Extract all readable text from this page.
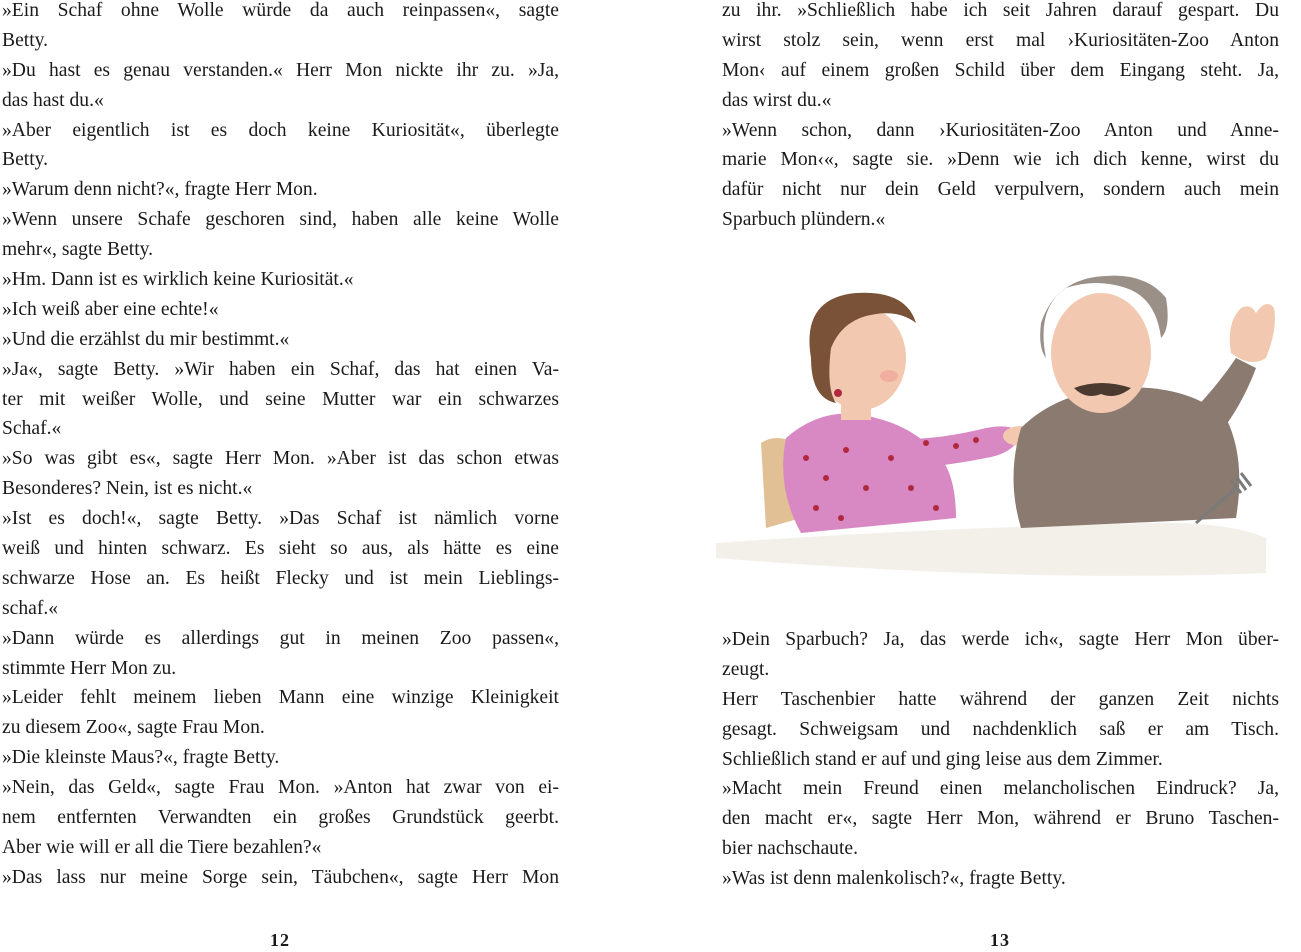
»Ein Schaf ohne Wolle würde da auch reinpassen«, sagte
Betty.
»Du hast es genau verstanden.« Herr Mon nickte ihr zu. »Ja,
das hast du.«
»Aber eigentlich ist es doch keine Kuriosität«, überlegte
Betty.
»Warum denn nicht?«, fragte Herr Mon.
»Wenn unsere Schafe geschoren sind, haben alle keine Wolle
mehr«, sagte Betty.
»Hm. Dann ist es wirklich keine Kuriosität.«
»Ich weiß aber eine echte!«
»Und die erzählst du mir bestimmt.«
»Ja«, sagte Betty. »Wir haben ein Schaf, das hat einen Va-
ter mit weißer Wolle, und seine Mutter war ein schwarzes
Schaf.«
»So was gibt es«, sagte Herr Mon. »Aber ist das schon etwas
Besonderes? Nein, ist es nicht.«
»Ist es doch!«, sagte Betty. »Das Schaf ist nämlich vorne
weiß und hinten schwarz. Es sieht so aus, als hätte es eine
schwarze Hose an. Es heißt Flecky und ist mein Lieblings-
schaf.«
»Dann würde es allerdings gut in meinen Zoo passen«,
stimmte Herr Mon zu.
»Leider fehlt meinem lieben Mann eine winzige Kleinigkeit
zu diesem Zoo«, sagte Frau Mon.
»Die kleinste Maus?«, fragte Betty.
»Nein, das Geld«, sagte Frau Mon. »Anton hat zwar von ei-
nem entfernten Verwandten ein großes Grundstück geerbt.
Aber wie will er all die Tiere bezahlen?«
»Das lass nur meine Sorge sein, Täubchen«, sagte Herr Mon
12
zu ihr. »Schließlich habe ich seit Jahren darauf gespart. Du
wirst stolz sein, wenn erst mal ›Kuriositäten-Zoo Anton
Mon‹ auf einem großen Schild über dem Eingang steht. Ja,
das wirst du.«
»Wenn schon, dann ›Kuriositäten-Zoo Anton und Anne-
marie Mon‹«, sagte sie. »Denn wie ich dich kenne, wirst du
dafür nicht nur dein Geld verpulvern, sondern auch mein
Sparbuch plündern.«
»Dein Sparbuch? Ja, das werde ich«, sagte Herr Mon über-
zeugt.
Herr Taschenbier hatte während der ganzen Zeit nichts
gesagt. Schweigsam und nachdenklich saß er am Tisch.
Schließlich stand er auf und ging leise aus dem Zimmer.
»Macht mein Freund einen melancholischen Eindruck? Ja,
den macht er«, sagte Herr Mon, während er Bruno Taschen-
bier nachschaute.
»Was ist denn malenkolisch?«, fragte Betty.
13
